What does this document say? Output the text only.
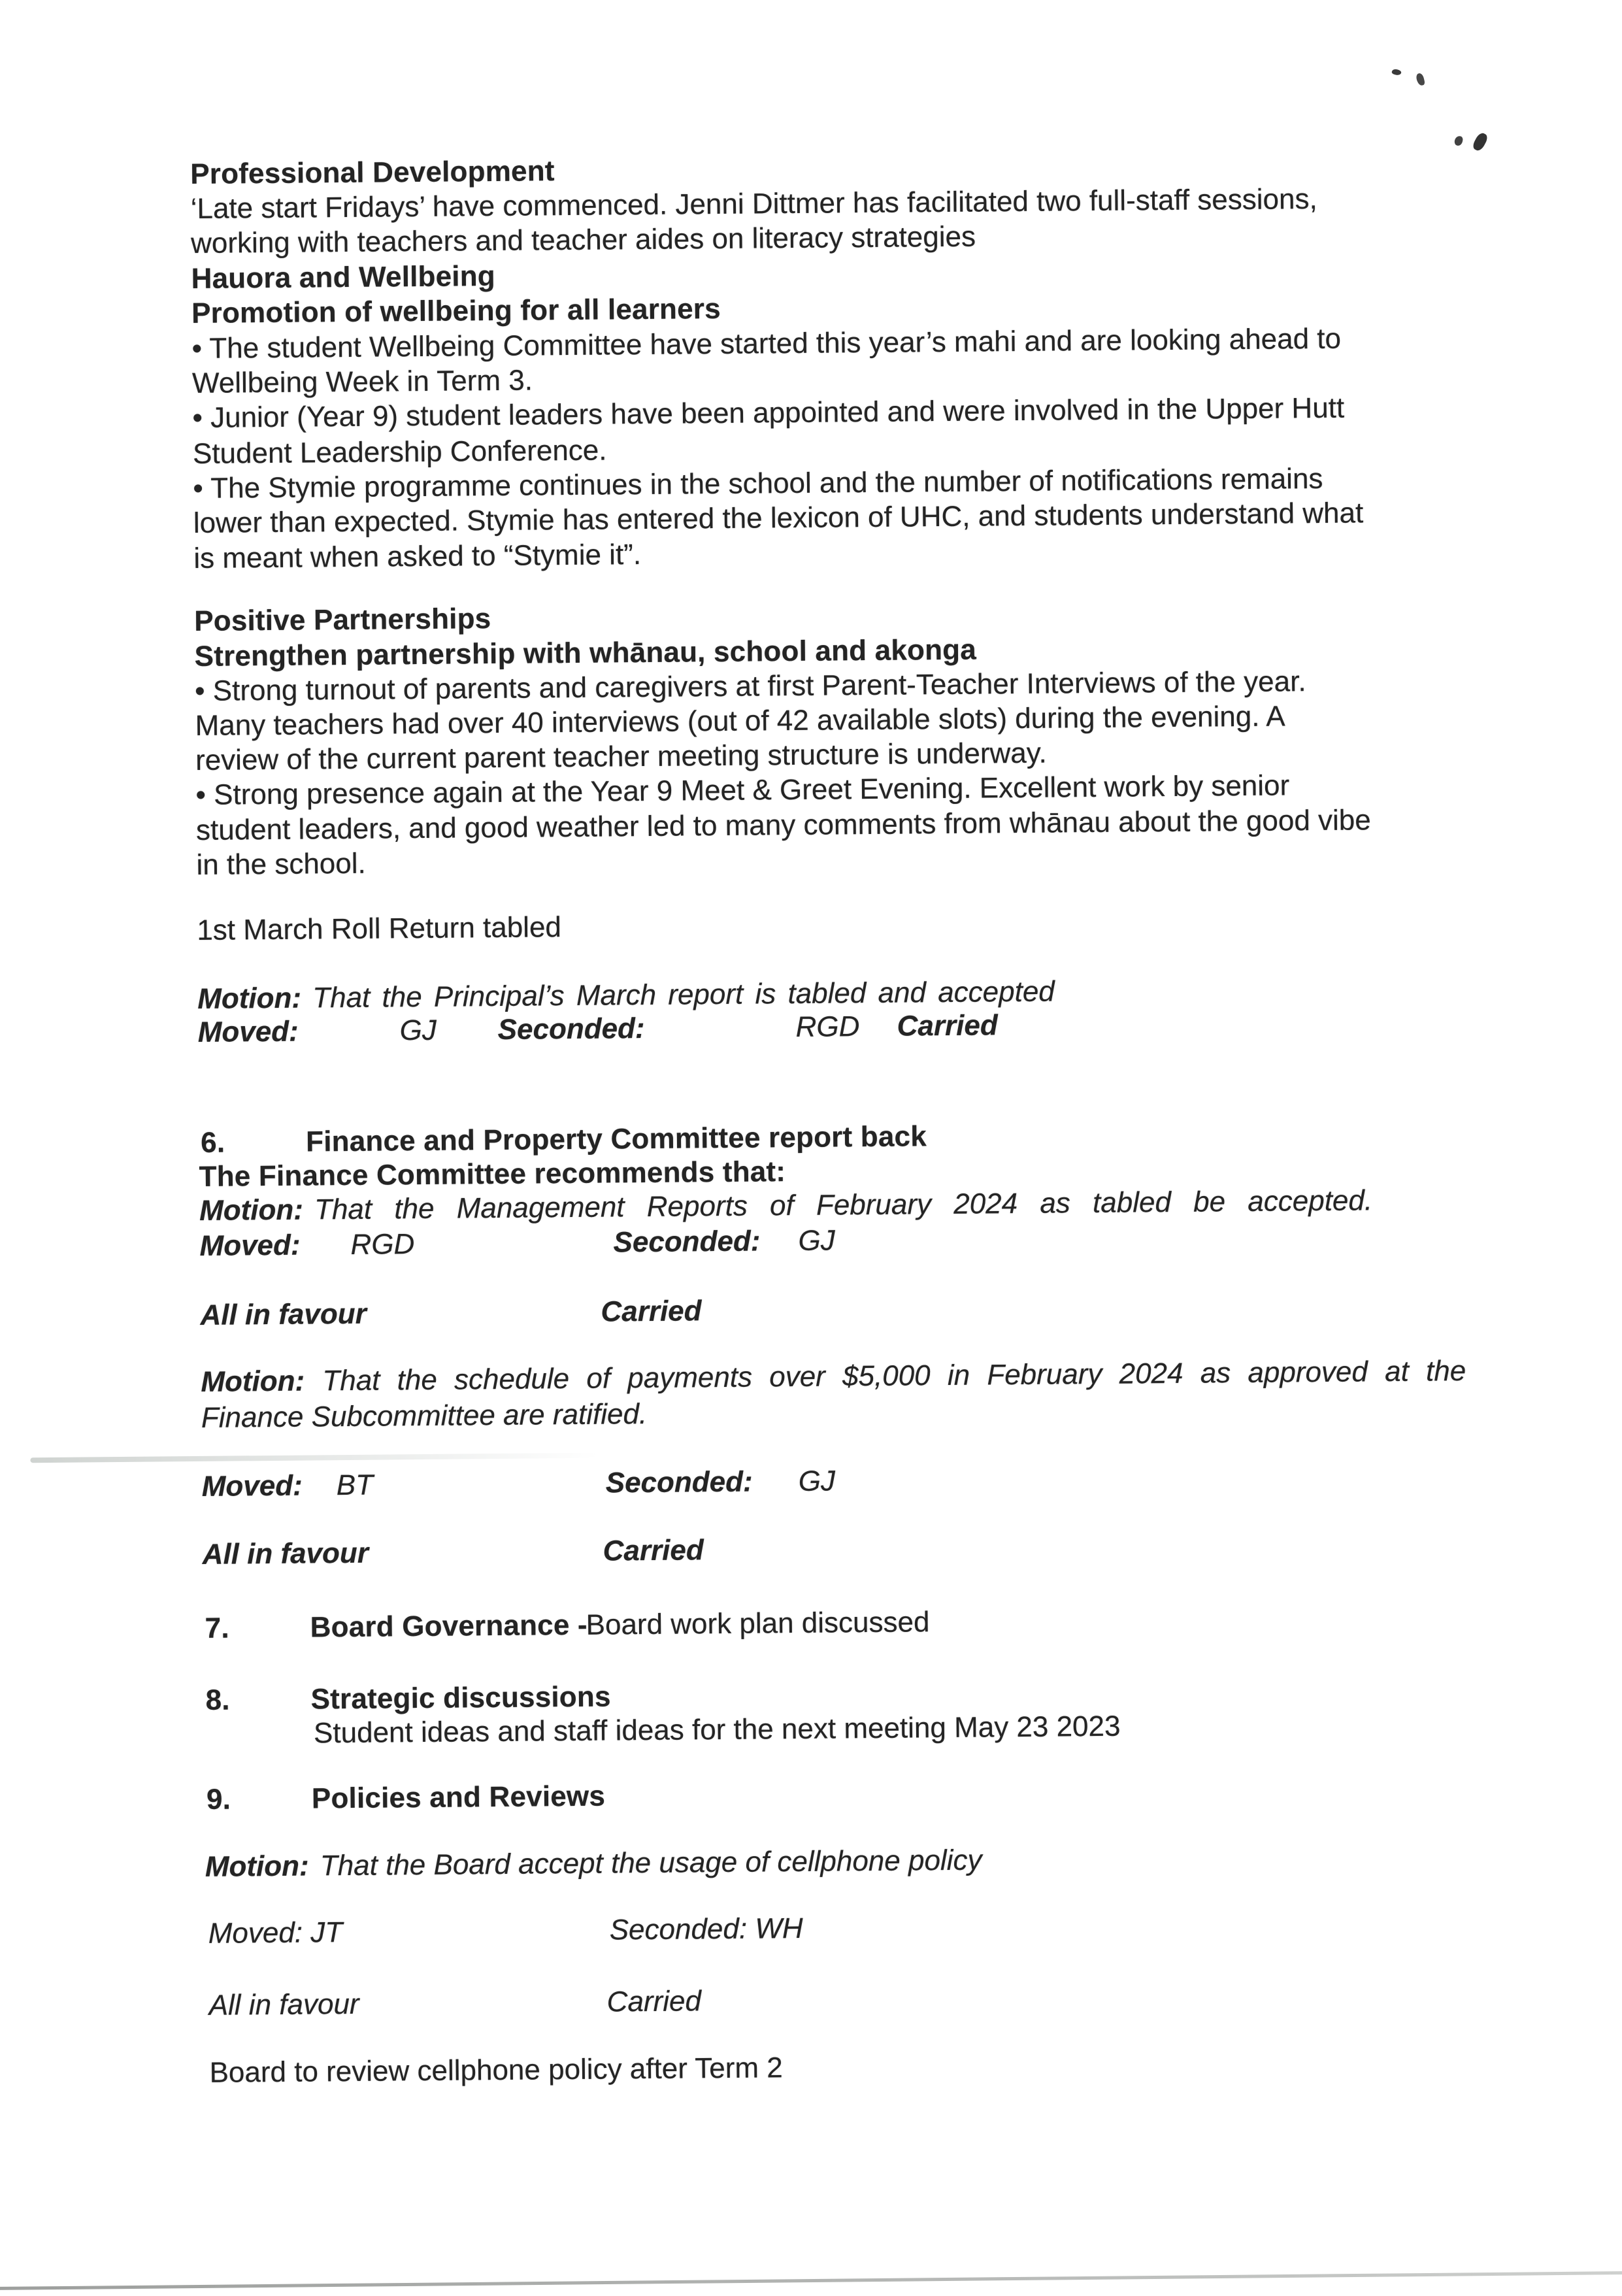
Professional Development
‘Late start Fridays’ have commenced. Jenni Dittmer has facilitated two full-staff sessions,
working with teachers and teacher aides on literacy strategies
Hauora and Wellbeing
Promotion of wellbeing for all learners
• The student Wellbeing Committee have started this year’s mahi and are looking ahead to
Wellbeing Week in Term 3.
• Junior (Year 9) student leaders have been appointed and were involved in the Upper Hutt
Student Leadership Conference.
• The Stymie programme continues in the school and the number of notifications remains
lower than expected. Stymie has entered the lexicon of UHC, and students understand what
is meant when asked to “Stymie it”.
Positive Partnerships
Strengthen partnership with whānau, school and akonga
• Strong turnout of parents and caregivers at first Parent-Teacher Interviews of the year.
Many teachers had over 40 interviews (out of 42 available slots) during the evening. A
review of the current parent teacher meeting structure is underway.
• Strong presence again at the Year 9 Meet & Greet Evening. Excellent work by senior
student leaders, and good weather led to many comments from whānau about the good vibe
in the school.
1st March Roll Return tabled
Motion: That the Principal’s March report is tabled and accepted
Moved:	GJ Seconded:	RGD Carried
6.	Finance and Property Committee report back
The Finance Committee recommends that:
Motion: That the Management Reports of February 2024 as tabled be accepted.
Moved: RGD	Seconded: GJ
All in favour	Carried
Motion: That the schedule of payments over $5,000 in February 2024 as approved at the
Finance Subcommittee are ratified.
Moved: BT	Seconded: GJ
All in favour	Carried
7.	Board Governance -
Board work plan discussed
8.	Strategic discussions
Student ideas and staff ideas for the next meeting May 23 2023
9.	Policies and Reviews
Motion: That the Board accept the usage of cellphone policy
Moved: JT	Seconded: WH
All in favour	Carried
Board to review cellphone policy after Term 2
